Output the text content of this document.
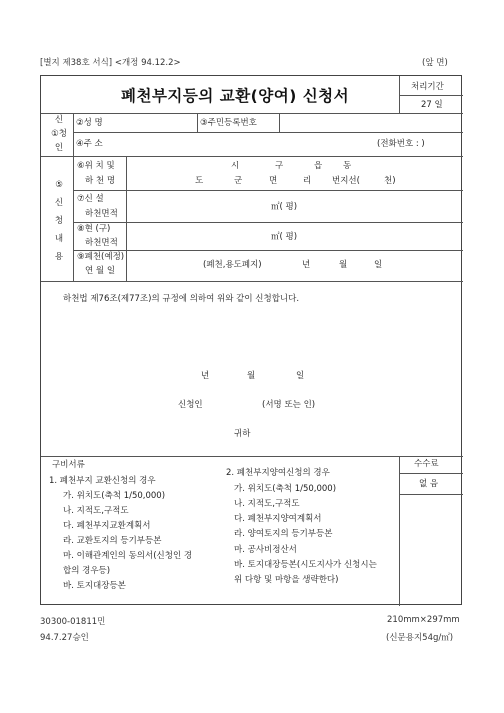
[별지 제38호 서식] <개정 94.12.2>	(앞 면)
폐천부지등의 교환(양여) 신청서	처리기간
27 일
신
①청
인
②성 명	③주민등록번호
④주 소	(전화번호 : )
⑤
신
청
내
용
⑥위 치 및
하 천 명
시	구	읍 동
도	군	면	리 번지선(	천)
⑦신 설
하천면적
㎡( 평)
⑧현 (구)
하천면적
㎡( 평)
⑨폐천(예정)
연 월 일
(폐천,용도폐지)	년	월	일
하천법 제76조(제77조)의 규정에 의하여 위와 같이 신청합니다.
년	월	일
신청인	(서명 또는 인)
귀하
구비서류
1. 폐천부지 교환신청의 경우
가. 위치도(축척 1/50,000)
나. 지적도,구적도
다. 폐천부지교환계획서
라. 교환토지의 등기부등본
마. 이해관계인의 동의서(신청인 경
합의 경우등)
바. 토지대장등본
2. 폐천부지양여신청의 경우
가. 위치도(축척 1/50,000)
나. 지적도,구적도
다. 폐천부지양여계획서
라. 양여토지의 등기부등본
마. 공사비정산서
바. 토지대장등본(시도지사가 신청시는
위 다항 및 마항을 생략한다)
수수료
없 음
30300-01811민
94.7.27승인
210mm×297mm
(신문용지54g/㎡)
